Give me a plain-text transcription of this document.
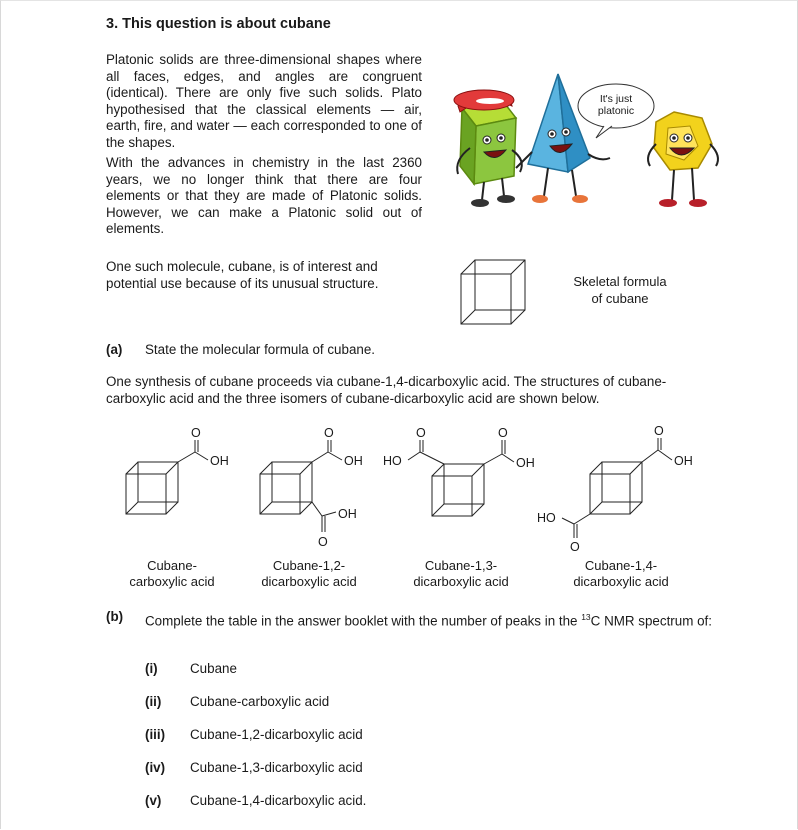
3. This question is about cubane
Platonic solids are three-dimensional shapes where all faces, edges, and angles are congruent (identical). There are only five such solids. Plato hypothesised that the classical elements — air, earth, fire, and water — each corresponded to one of the shapes.
With the advances in chemistry in the last 2360 years, we no longer think that there are four elements or that they are made of Platonic solids. However, we can make a Platonic solid out of elements.
One such molecule, cubane, is of interest and potential use because of its unusual structure.
It's just
platonic
Skeletal formula
of cubane
(a) State the molecular formula of cubane.
One synthesis of cubane proceeds via cubane-1,4-dicarboxylic acid. The structures of cubane-carboxylic acid and the three isomers of cubane-dicarboxylic acid are shown below.
O
OH
O
OH
OH
O
HO
O	O
OH
O
OH
HO
O
Cubane-
carboxylic acid
Cubane-1,2-
dicarboxylic acid
Cubane-1,3-
dicarboxylic acid
Cubane-1,4-
dicarboxylic acid
(b) Complete the table in the answer booklet with the number of peaks in the $^{13}$C NMR spectrum of:
(i) Cubane
(ii) Cubane-carboxylic acid
(iii) Cubane-1,2-dicarboxylic acid
(iv) Cubane-1,3-dicarboxylic acid
(v) Cubane-1,4-dicarboxylic acid.
